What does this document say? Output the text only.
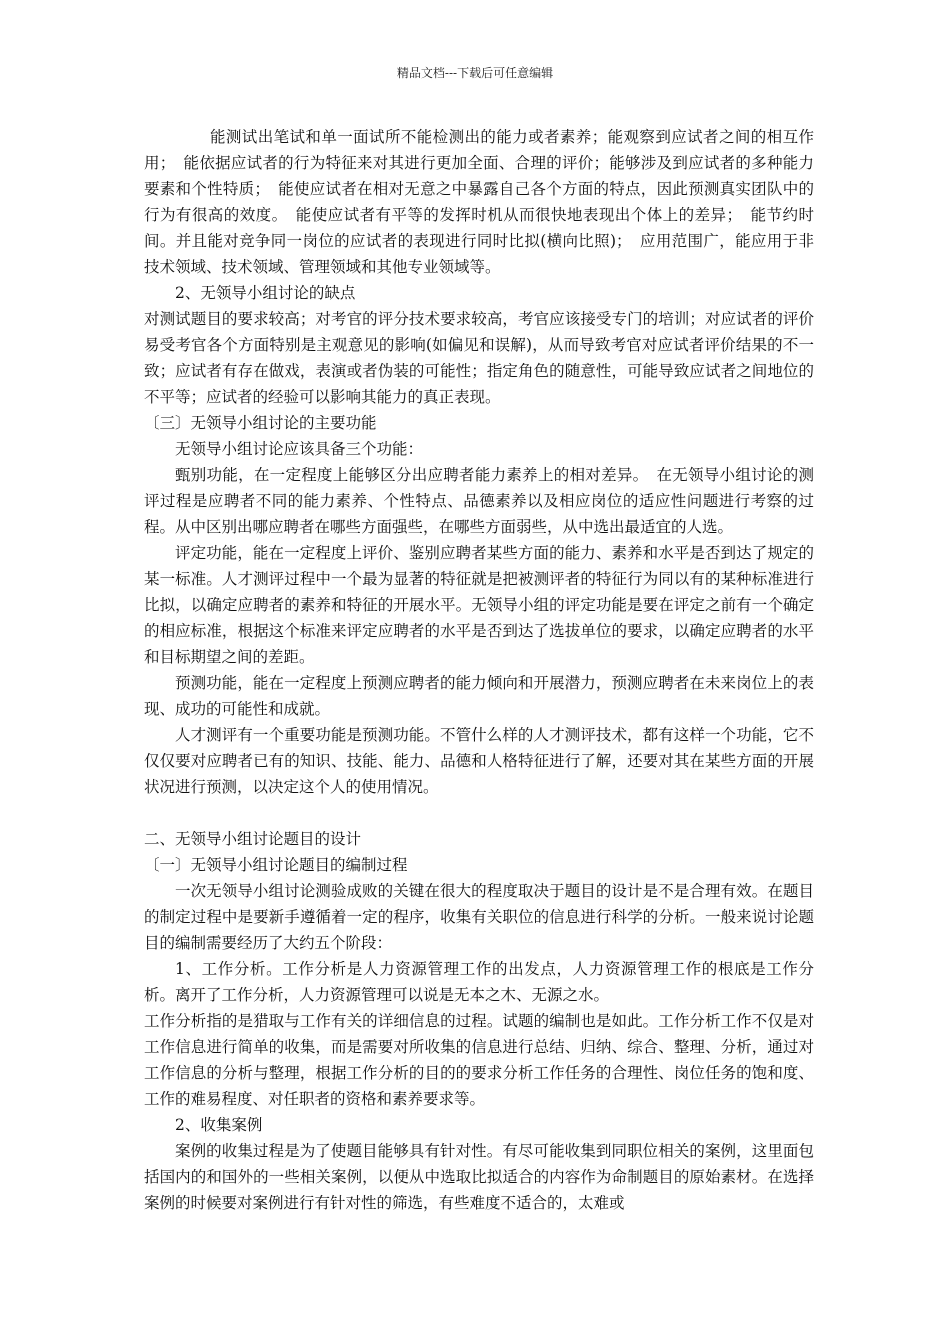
精品文档---下载后可任意编辑

能测试出笔试和单一面试所不能检测出的能力或者素养；能观察到应试者之间的相互作用；　能依据应试者的行为特征来对其进行更加全面、合理的评价；能够涉及到应试者的多种能力要素和个性特质；　能使应试者在相对无意之中暴露自己各个方面的特点，因此预测真实团队中的行为有很高的效度。　能使应试者有平等的发挥时机从而很快地表现出个体上的差异；　能节约时间。并且能对竞争同一岗位的应试者的表现进行同时比拟(横向比照)；　应用范围广，能应用于非技术领域、技术领域、管理领域和其他专业领域等。

2、无领导小组讨论的缺点

对测试题目的要求较高；对考官的评分技术要求较高，考官应该接受专门的培训；对应试者的评价易受考官各个方面特别是主观意见的影响(如偏见和误解)，从而导致考官对应试者评价结果的不一致；应试者有存在做戏，表演或者伪装的可能性；指定角色的随意性，可能导致应试者之间地位的不平等；应试者的经验可以影响其能力的真正表现。

〔三〕无领导小组讨论的主要功能

无领导小组讨论应该具备三个功能：

甄别功能，在一定程度上能够区分出应聘者能力素养上的相对差异。　在无领导小组讨论的测评过程是应聘者不同的能力素养、个性特点、品德素养以及相应岗位的适应性问题进行考察的过程。从中区别出哪应聘者在哪些方面强些，在哪些方面弱些，从中选出最适宜的人选。

评定功能，能在一定程度上评价、鉴别应聘者某些方面的能力、素养和水平是否到达了规定的某一标准。人才测评过程中一个最为显著的特征就是把被测评者的特征行为同以有的某种标准进行比拟，以确定应聘者的素养和特征的开展水平。无领导小组的评定功能是要在评定之前有一个确定的相应标准，根据这个标准来评定应聘者的水平是否到达了选拔单位的要求，以确定应聘者的水平和目标期望之间的差距。

预测功能，能在一定程度上预测应聘者的能力倾向和开展潜力，预测应聘者在未来岗位上的表现、成功的可能性和成就。

人才测评有一个重要功能是预测功能。不管什么样的人才测评技术，都有这样一个功能，它不仅仅要对应聘者已有的知识、技能、能力、品德和人格特征进行了解，还要对其在某些方面的开展状况进行预测，以决定这个人的使用情况。

二、无领导小组讨论题目的设计

〔一〕无领导小组讨论题目的编制过程

一次无领导小组讨论测验成败的关键在很大的程度取决于题目的设计是不是合理有效。在题目的制定过程中是要新手遵循着一定的程序，收集有关职位的信息进行科学的分析。一般来说讨论题目的编制需要经历了大约五个阶段：

1、工作分析。工作分析是人力资源管理工作的出发点，人力资源管理工作的根底是工作分析。离开了工作分析，人力资源管理可以说是无本之木、无源之水。

工作分析指的是猎取与工作有关的详细信息的过程。试题的编制也是如此。工作分析工作不仅是对工作信息进行简单的收集，而是需要对所收集的信息进行总结、归纳、综合、整理、分析，通过对工作信息的分析与整理，根据工作分析的目的的要求分析工作任务的合理性、岗位任务的饱和度、工作的难易程度、对任职者的资格和素养要求等。

2、收集案例

案例的收集过程是为了使题目能够具有针对性。有尽可能收集到同职位相关的案例，这里面包括国内的和国外的一些相关案例，以便从中选取比拟适合的内容作为命制题目的原始素材。在选择案例的时候要对案例进行有针对性的筛选，有些难度不适合的，太难或
